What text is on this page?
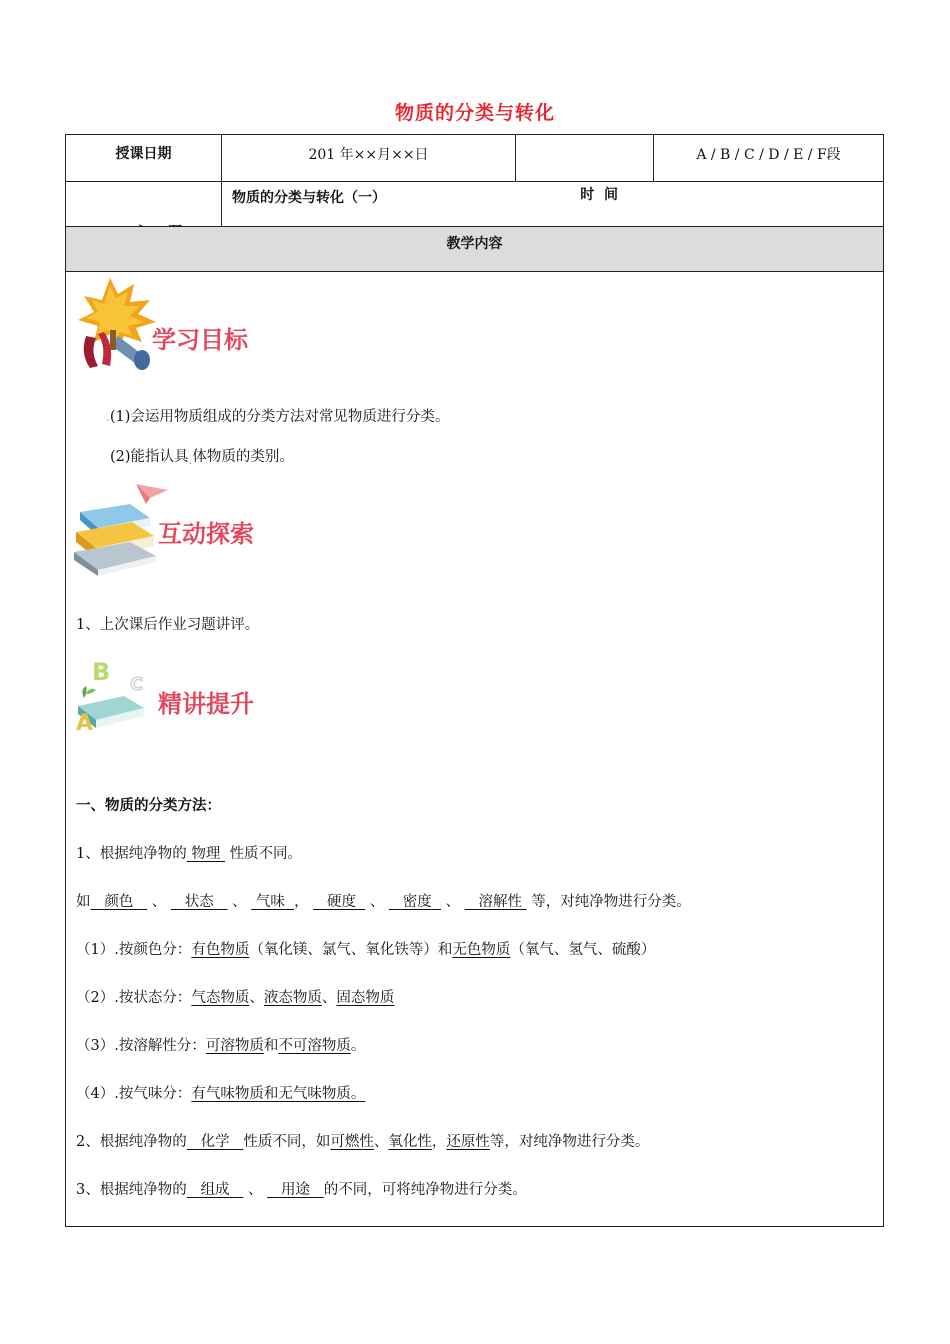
物质的分类与转化
授课日期	201 年××月××日

时  间

A / B / C / D / E / F段

物质的分类与转化（一）
教学内容
学习目标
.(1)会运用物质组成的分类方法对常见物质进行分类。
(2)能指认具$_.$体物质的类别。
互动探索
1、上次课后作业习题讲评。
B C
A
精讲提升
一、物质的分类方法：
1、根据纯净物的 物理 性质不同。
如 颜色 、 状态 、 气味 ， 硬度 、 密度 、 溶解性 等，对纯净物进行分类。
（1）.按颜色分：有色物质（氧化镁、氯气、氧化铁等）和无色物质（氧气、氢气、硫酸）
（2）.按状态分：气态物质、液态物质、固态物质
（3）.按溶解性分：可溶物质和不可溶物质。
（4）.按气味分：有气味物质和无气味物质。
2、根据纯净物的 化学 性质不同，如可燃性、氧化性，还原性等，对纯净物进行分类。
3、根据纯净物的 组成 、 用途 的不同，可将纯净物进行分类。
